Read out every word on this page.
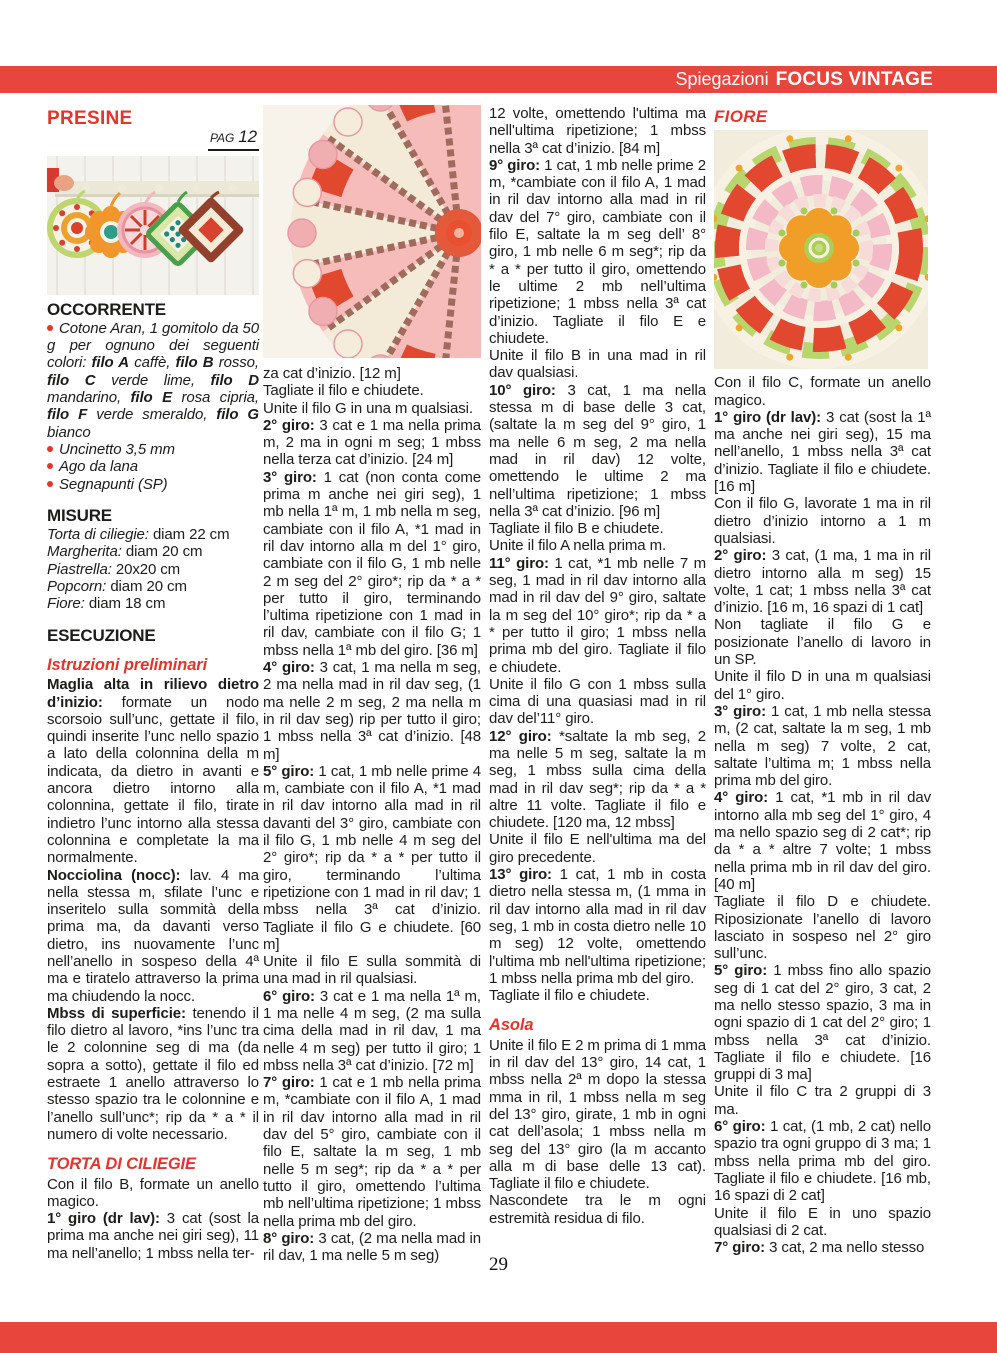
Spiegazioni FOCUS VINTAGE
PRESINE
PAG 12

OCCORRENTE

Cotone Aran, 1 gomitolo da 50 g per ognuno dei seguenti colori: filo A caffè, filo B rosso, filo C verde lime, filo D mandarino, filo E rosa cipria, filo F verde smeraldo, filo G bianco

Uncinetto 3,5 mm

Ago da lana

Segnapunti (SP)

MISURE

Torta di ciliegie: diam 22 cm

Margherita: diam 20 cm

Piastrella: 20x20 cm

Popcorn: diam 20 cm

Fiore: diam 18 cm

ESECUZIONE

Istruzioni preliminari

Maglia alta in rilievo dietro d’inizio: formate un nodo scorsoio sull’unc, gettate il filo, quindi inserite l’unc nello spazio a lato della colonnina della m indicata, da dietro in avanti e ancora dietro intorno alla colonnina, gettate il filo, tirate indietro l’unc intorno alla stessa colonnina e completate la ma normalmente.

Nocciolina (nocc): lav. 4 ma nella stessa m, sfilate l’unc e inseritelo sulla sommità della prima ma, da davanti verso dietro, ins nuovamente l’unc nell’anello in sospeso della 4ª ma e tiratelo attraverso la prima ma chiudendo la nocc.

Mbss di superficie: tenendo il filo dietro al lavoro, *ins l’unc tra le 2 colonnine seg di ma (da sopra a sotto), gettate il filo ed estraete 1 anello attraverso lo stesso spazio tra le colonnine e l’anello sull’unc*; rip da * a * il numero di volte necessario.

TORTA DI CILIEGIE

Con il filo B, formate un anello magico.

1° giro (dr lav): 3 cat (sost la prima ma anche nei giri seg), 11 ma nell’anello; 1 mbss nella ter-

za cat d’inizio. [12 m]

Tagliate il filo e chiudete.

Unite il filo G in una m qualsiasi.

2° giro: 3 cat e 1 ma nella prima m, 2 ma in ogni m seg; 1 mbss nella terza cat d’inizio. [24 m]

3° giro: 1 cat (non conta come prima m anche nei giri seg), 1 mb nella 1ª m, 1 mb nella m seg, cambiate con il filo A, *1 mad in ril dav intorno alla m del 1° giro, cambiate con il filo G, 1 mb nelle 2 m seg del 2° giro*; rip da * a * per tutto il giro, terminando l’ultima ripetizione con 1 mad in ril dav, cambiate con il filo G; 1 mbss nella 1ª mb del giro. [36 m]

4° giro: 3 cat, 1 ma nella m seg, 2 ma nella mad in ril dav seg, (1 ma nelle 2 m seg, 2 ma nella m in ril dav seg) rip per tutto il giro; 1 mbss nella 3ª cat d’inizio. [48 m]

5° giro: 1 cat, 1 mb nelle prime 4 m, cambiate con il filo A, *1 mad in ril dav intorno alla mad in ril davanti del 3° giro, cambiate con il filo G, 1 mb nelle 4 m seg del 2° giro*; rip da * a * per tutto il giro, terminando l’ultima ripetizione con 1 mad in ril dav; 1 mbss nella 3ª cat d’inizio. Tagliate il filo G e chiudete. [60 m]

Unite il filo E sulla sommità di una mad in ril qualsiasi.

6° giro: 3 cat e 1 ma nella 1ª m, 1 ma nelle 4 m seg, (2 ma sulla cima della mad in ril dav, 1 ma nelle 4 m seg) per tutto il giro; 1 mbss nella 3ª cat d’inizio. [72 m]

7° giro: 1 cat e 1 mb nella prima m, *cambiate con il filo A, 1 mad in ril dav intorno alla mad in ril dav del 5° giro, cambiate con il filo E, saltate la m seg, 1 mb nelle 5 m seg*; rip da * a * per tutto il giro, omettendo l’ultima mb nell’ultima ripetizione; 1 mbss nella prima mb del giro.

8° giro: 3 cat, (2 ma nella mad in ril dav, 1 ma nelle 5 m seg)

12 volte, omettendo l'ultima ma nell'ultima ripetizione; 1 mbss nella 3ª cat d’inizio. [84 m]

9° giro: 1 cat, 1 mb nelle prime 2 m, *cambiate con il filo A, 1 mad in ril dav intorno alla mad in ril dav del 7° giro, cambiate con il filo E, saltate la m seg dell’ 8° giro, 1 mb nelle 6 m seg*; rip da * a * per tutto il giro, omettendo le ultime 2 mb nell’ultima ripetizione; 1 mbss nella 3ª cat d’inizio. Tagliate il filo E e chiudete.

Unite il filo B in una mad in ril dav qualsiasi.

10° giro: 3 cat, 1 ma nella stessa m di base delle 3 cat, (saltate la m seg del 9° giro, 1 ma nelle 6 m seg, 2 ma nella mad in ril dav) 12 volte, omettendo le ultime 2 ma nell’ultima ripetizione; 1 mbss nella 3ª cat d’inizio. [96 m]

Tagliate il filo B e chiudete.

Unite il filo A nella prima m.

11° giro: 1 cat, *1 mb nelle 7 m seg, 1 mad in ril dav intorno alla mad in ril dav del 9° giro, saltate la m seg del 10° giro*; rip da * a * per tutto il giro; 1 mbss nella prima mb del giro. Tagliate il filo e chiudete.

Unite il filo G con 1 mbss sulla cima di una quasiasi mad in ril dav del’11° giro.

12° giro: *saltate la mb seg, 2 ma nelle 5 m seg, saltate la m seg, 1 mbss sulla cima della mad in ril dav seg*; rip da * a * altre 11 volte. Tagliate il filo e chiudete. [120 ma, 12 mbss]

Unite il filo E nell'ultima ma del giro precedente.

13° giro: 1 cat, 1 mb in costa dietro nella stessa m, (1 mma in ril dav intorno alla mad in ril dav seg, 1 mb in costa dietro nelle 10 m seg) 12 volte, omettendo l'ultima mb nell'ultima ripetizione; 1 mbss nella prima mb del giro.

Tagliate il filo e chiudete.

Asola

Unite il filo E 2 m prima di 1 mma in ril dav del 13° giro, 14 cat, 1 mbss nella 2ª m dopo la stessa mma in ril, 1 mbss nella m seg del 13° giro, girate, 1 mb in ogni cat dell’asola; 1 mbss nella m seg del 13° giro (la m accanto alla m di base delle 13 cat). Tagliate il filo e chiudete.

Nascondete tra le m ogni estremità residua di filo.

FIORE

Con il filo C, formate un anello magico.

1° giro (dr lav): 3 cat (sost la 1ª ma anche nei giri seg), 15 ma nell’anello, 1 mbss nella 3ª cat d’inizio. Tagliate il filo e chiudete. [16 m]

Con il filo G, lavorate 1 ma in ril dietro d’inizio intorno a 1 m qualsiasi.

2° giro: 3 cat, (1 ma, 1 ma in ril dietro intorno alla m seg) 15 volte, 1 cat; 1 mbss nella 3ª cat d’inizio. [16 m, 16 spazi di 1 cat]

Non tagliate il filo G e posizionate l’anello di lavoro in un SP.

Unite il filo D in una m qualsiasi del 1° giro.

3° giro: 1 cat, 1 mb nella stessa m, (2 cat, saltate la m seg, 1 mb nella m seg) 7 volte, 2 cat, saltate l’ultima m; 1 mbss nella prima mb del giro.

4° giro: 1 cat, *1 mb in ril dav intorno alla mb seg del 1° giro, 4 ma nello spazio seg di 2 cat*; rip da * a * altre 7 volte; 1 mbss nella prima mb in ril dav del giro. [40 m]

Tagliate il filo D e chiudete. Riposizionate l’anello di lavoro lasciato in sospeso nel 2° giro sull’unc.

5° giro: 1 mbss fino allo spazio seg di 1 cat del 2° giro, 3 cat, 2 ma nello stesso spazio, 3 ma in ogni spazio di 1 cat del 2° giro; 1 mbss nella 3ª cat d’inizio. Tagliate il filo e chiudete. [16 gruppi di 3 ma]

Unite il filo C tra 2 gruppi di 3 ma.

6° giro: 1 cat, (1 mb, 2 cat) nello spazio tra ogni gruppo di 3 ma; 1 mbss nella prima mb del giro. Tagliate il filo e chiudete. [16 mb, 16 spazi di 2 cat]

Unite il filo E in uno spazio qualsiasi di 2 cat.

7° giro: 3 cat, 2 ma nello stesso

29
